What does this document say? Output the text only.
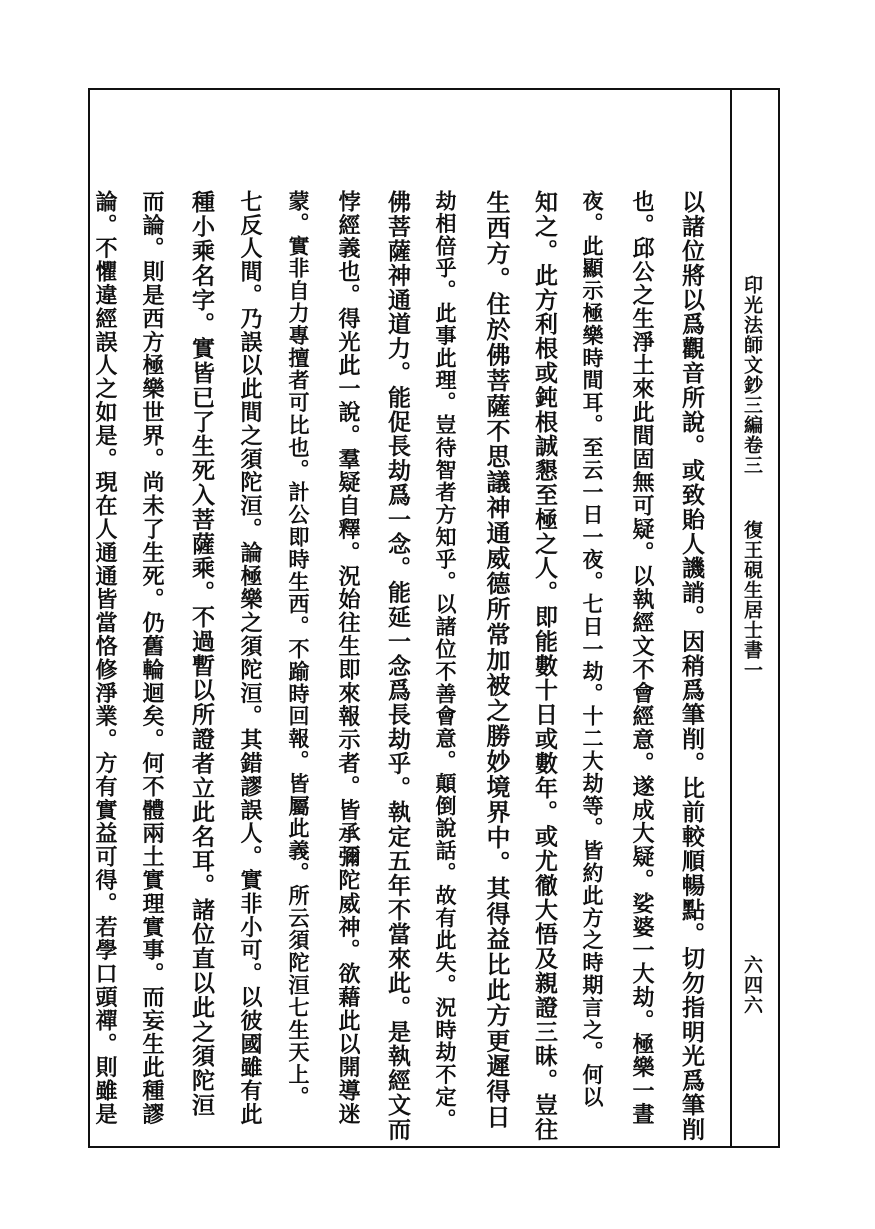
印光法師文鈔三編卷三
復王硯生居士書一
六四六
以諸位將以爲觀音所說。或致貽人譏誚。因稍爲筆削。比前較順暢點。切勿指明光爲筆削
也。邱公之生淨土來此間固無可疑。以執經文不會經意。遂成大疑。娑婆一大劫。極樂一晝
夜。此顯示極樂時間耳。至云一日一夜。七日一劫。十二大劫等。皆約此方之時期言之。何以
知之。此方利根或鈍根誠懇至極之人。即能數十日或數年。或尤徹大悟及親證三昧。豈往
生西方。住於佛菩薩不思議神通威德所常加被之勝妙境界中。其得益比此方更遲得日
劫相倍乎。此事此理。豈待智者方知乎。以諸位不善會意。顛倒說話。故有此失。況時劫不定。
佛菩薩神通道力。能促長劫爲一念。能延一念爲長劫乎。執定五年不當來此。是執經文而
悖經義也。得光此一說。羣疑自釋。況始往生即來報示者。皆承彌陀威神。欲藉此以開導迷
蒙。實非自力專擅者可比也。計公即時生西。不踰時回報。皆屬此義。所云須陀洹七生天上。
七反人間。乃誤以此間之須陀洹。論極樂之須陀洹。其錯謬誤人。實非小可。以彼國雖有此
種小乘名字。實皆已了生死入菩薩乘。不過暫以所證者立此名耳。諸位直以此之須陀洹
而論。則是西方極樂世界。尚未了生死。仍舊輪迴矣。何不體兩土實理實事。而妄生此種謬
論。不懼違經誤人之如是。現在人通通皆當恪修淨業。方有實益可得。若學口頭禪。則雖是
